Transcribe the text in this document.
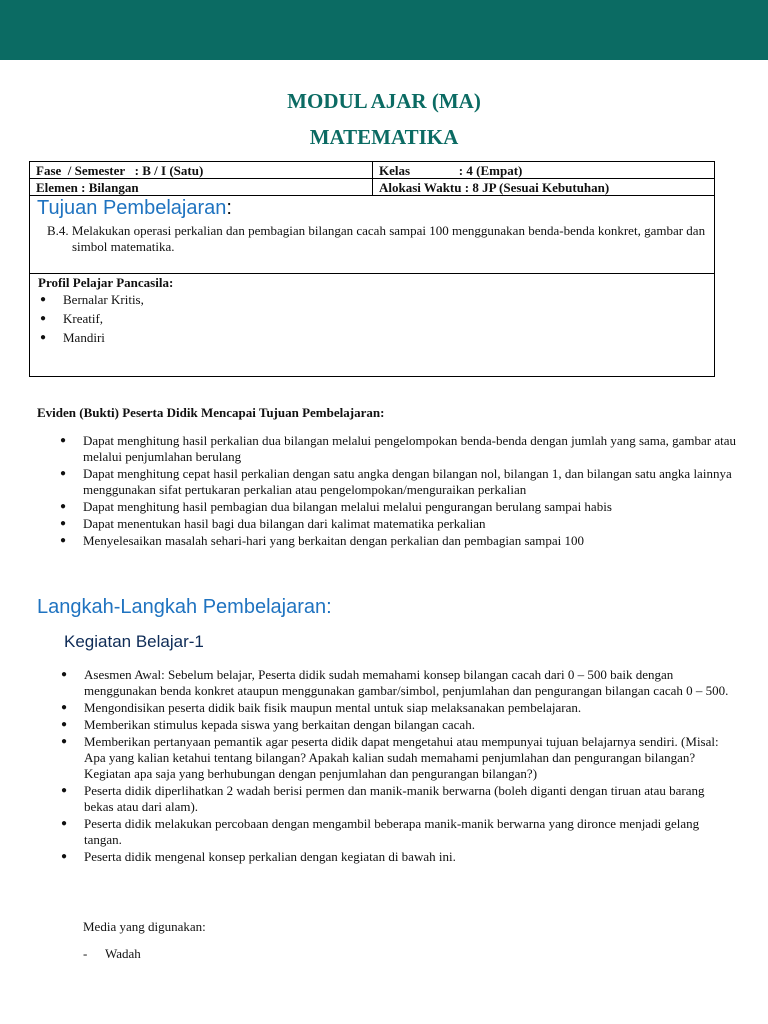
MODUL AJAR (MA)
MATEMATIKA
Fase  / Semester   : B / I (Satu)	Kelas               : 4 (Empat)
Elemen : Bilangan	Alokasi Waktu : 8 JP (Sesuai Kebutuhan)
Tujuan Pembelajaran:
B.4. Melakukan operasi perkalian dan pembagian bilangan cacah sampai 100 menggunakan benda-benda konkret, gambar dan simbol matematika.
Profil Pelajar Pancasila:
● Bernalar Kritis,
● Kreatif,
● Mandiri
Eviden (Bukti) Peserta Didik Mencapai Tujuan Pembelajaran:
● Dapat menghitung hasil perkalian dua bilangan melalui pengelompokan benda-benda dengan jumlah yang sama, gambar atau melalui penjumlahan berulang
● Dapat menghitung cepat hasil perkalian dengan satu angka dengan bilangan nol, bilangan 1, dan bilangan satu angka lainnya menggunakan sifat pertukaran perkalian atau pengelompokan/menguraikan perkalian
● Dapat menghitung hasil pembagian dua bilangan melalui melalui pengurangan berulang sampai habis
● Dapat menentukan hasil bagi dua bilangan dari kalimat matematika perkalian
● Menyelesaikan masalah sehari-hari yang berkaitan dengan perkalian dan pembagian sampai 100
Langkah-Langkah Pembelajaran:
Kegiatan Belajar-1
● Asesmen Awal: Sebelum belajar, Peserta didik sudah memahami konsep bilangan cacah dari 0 – 500 baik dengan menggunakan benda konkret ataupun menggunakan gambar/simbol, penjumlahan dan pengurangan bilangan cacah 0 – 500.
● Mengondisikan peserta didik baik fisik maupun mental untuk siap melaksanakan pembelajaran.
● Memberikan stimulus kepada siswa yang berkaitan dengan bilangan cacah.
● Memberikan pertanyaan pemantik agar peserta didik dapat mengetahui atau mempunyai tujuan belajarnya sendiri. (Misal: Apa yang kalian ketahui tentang bilangan? Apakah kalian sudah memahami penjumlahan dan pengurangan bilangan? Kegiatan apa saja yang berhubungan dengan penjumlahan dan pengurangan bilangan?)
● Peserta didik diperlihatkan 2 wadah berisi permen dan manik-manik berwarna (boleh diganti dengan tiruan atau barang bekas atau dari alam).
● Peserta didik melakukan percobaan dengan mengambil beberapa manik-manik berwarna yang dironce menjadi gelang tangan.
● Peserta didik mengenal konsep perkalian dengan kegiatan di bawah ini.
Media yang digunakan:
- Wadah
